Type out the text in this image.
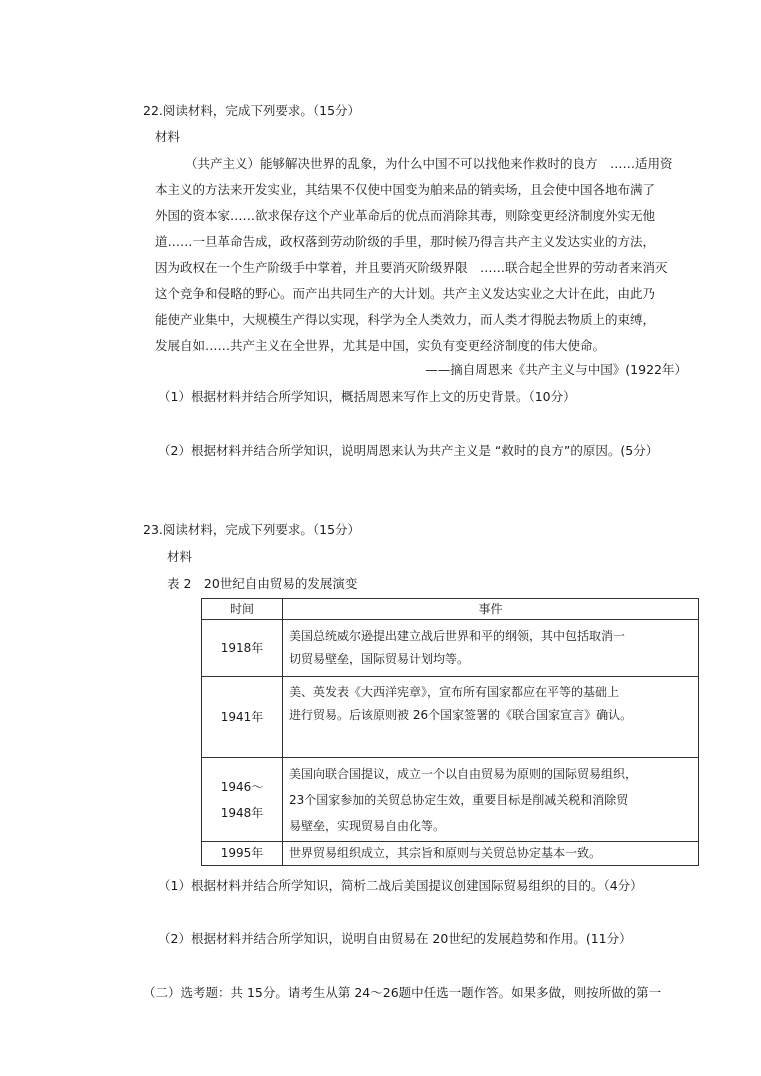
22.阅读材料，完成下列要求。（15分）
材料
（共产主义）能够解决世界的乱象，为什么中国不可以找他来作救时的良方　……适用资
本主义的方法来开发实业，其结果不仅使中国变为舶来品的销卖场，且会使中国各地布满了
外国的资本家……欲求保存这个产业革命后的优点而消除其毒，则除变更经济制度外实无他
道……一旦革命告成，政权落到劳动阶级的手里，那时候乃得言共产主义发达实业的方法，
因为政权在一个生产阶级手中掌着，并且要消灭阶级界限　……联合起全世界的劳动者来消灭
这个竞争和侵略的野心。而产出共同生产的大计划。共产主义发达实业之大计在此，由此乃
能使产业集中，大规模生产得以实现，科学为全人类效力，而人类才得脱去物质上的束缚，
发展自如……共产主义在全世界，尤其是中国，实负有变更经济制度的伟大使命。
——摘自周恩来《共产主义与中国》(1922年）
（1）根据材料并结合所学知识，概括周恩来写作上文的历史背景。（10分）
（2）根据材料并结合所学知识，说明周恩来认为共产主义是 “救时的良方”的原因。(5分）
23.阅读材料，完成下列要求。（15分）
材料
表 2　20世纪自由贸易的发展演变
时间	事件
1918年	美国总统威尔逊提出建立战后世界和平的纲领，其中包括取消一
切贸易壁垒，国际贸易计划均等。

1941年	美、英发表《大西洋宪章》，宣布所有国家都应在平等的基础上
进行贸易。后该原则被 26个国家签署的《联合国家宣言》确认。

1946～1948年	美国向联合国提议，成立一个以自由贸易为原则的国际贸易组织，
23个国家参加的关贸总协定生效，重要目标是削减关税和消除贸
易壁垒，实现贸易自由化等。

1995年	世界贸易组织成立，其宗旨和原则与关贸总协定基本一致。
（1）根据材料并结合所学知识，简析二战后美国提议创建国际贸易组织的目的。（4分）
（2）根据材料并结合所学知识，说明自由贸易在 20世纪的发展趋势和作用。(11分）
（二）选考题：共 15分。请考生从第 24～26题中任选一题作答。如果多做，则按所做的第一
